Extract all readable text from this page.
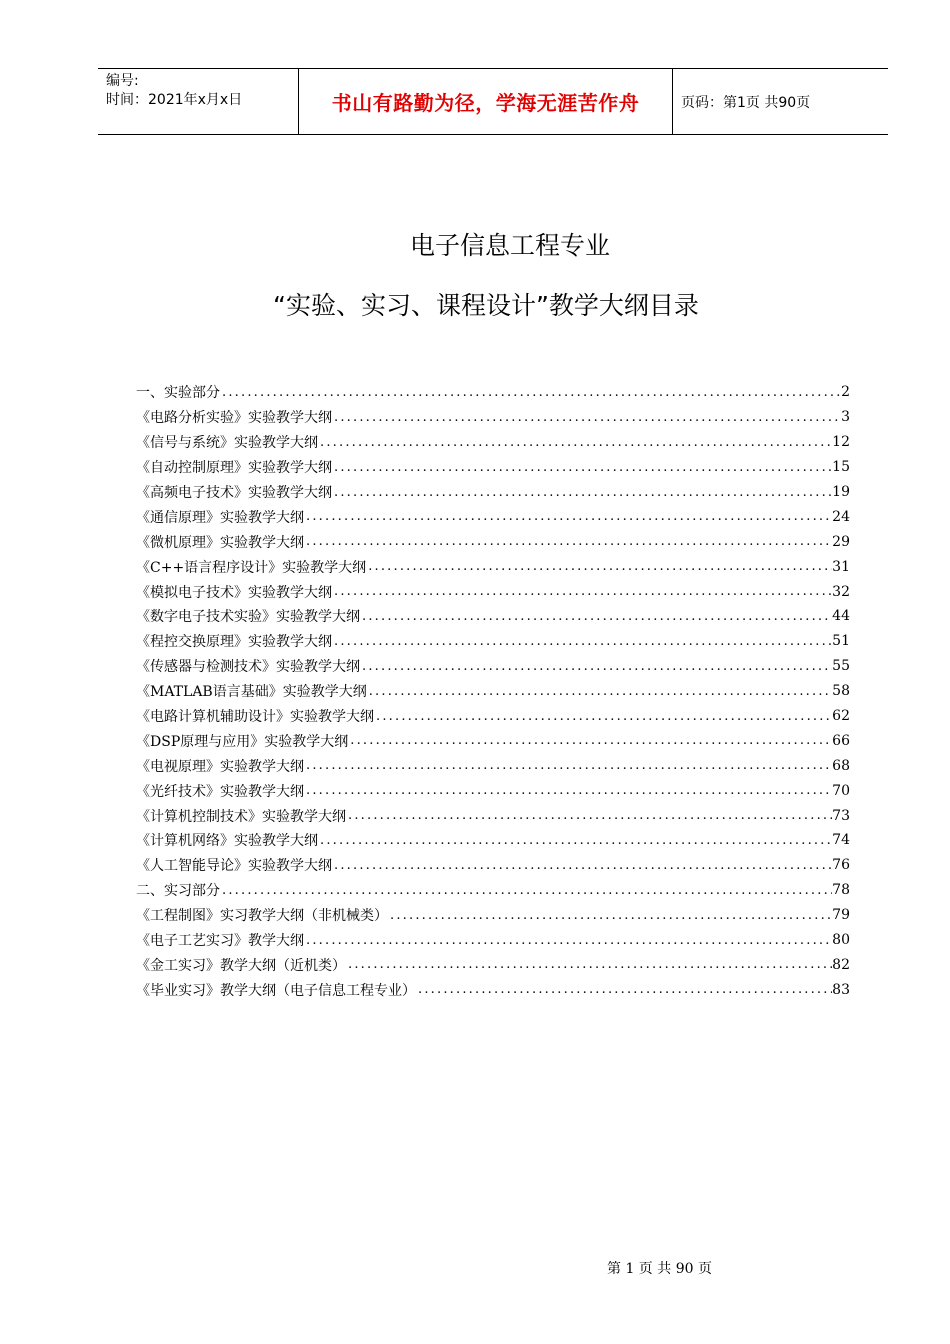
编号:
时间：2021年x月x日	书山有路勤为径，学海无涯苦作舟	页码：第1页 共90页
电子信息工程专业
“实验、实习、课程设计”教学大纲目录
一、实验部分 .....	2
《电路分析实验》实验教学大纲 .....	3
《信号与系统》实验教学大纲 .....	12
《自动控制原理》实验教学大纲 .....	15
《高频电子技术》实验教学大纲 .....	19
《通信原理》实验教学大纲 .....	24
《微机原理》实验教学大纲 .....	29
《C++语言程序设计》实验教学大纲 .....	31
《模拟电子技术》实验教学大纲 .....	32
《数字电子技术实验》实验教学大纲 .....	44
《程控交换原理》实验教学大纲 .....	51
《传感器与检测技术》实验教学大纲 .....	55
《MATLAB语言基础》实验教学大纲 .....	58
《电路计算机辅助设计》实验教学大纲 .....	62
《DSP原理与应用》实验教学大纲 .....	66
《电视原理》实验教学大纲 .....	68
《光纤技术》实验教学大纲 .....	70
《计算机控制技术》实验教学大纲 .....	73
《计算机网络》实验教学大纲 .....	74
《人工智能导论》实验教学大纲 .....	76
二、实习部分 .....	78
《工程制图》实习教学大纲（非机械类） .....	79
《电子工艺实习》教学大纲 .....	80
《金工实习》教学大纲（近机类） .....	82
《毕业实习》教学大纲（电子信息工程专业） .....	83
第 1 页 共 90 页
